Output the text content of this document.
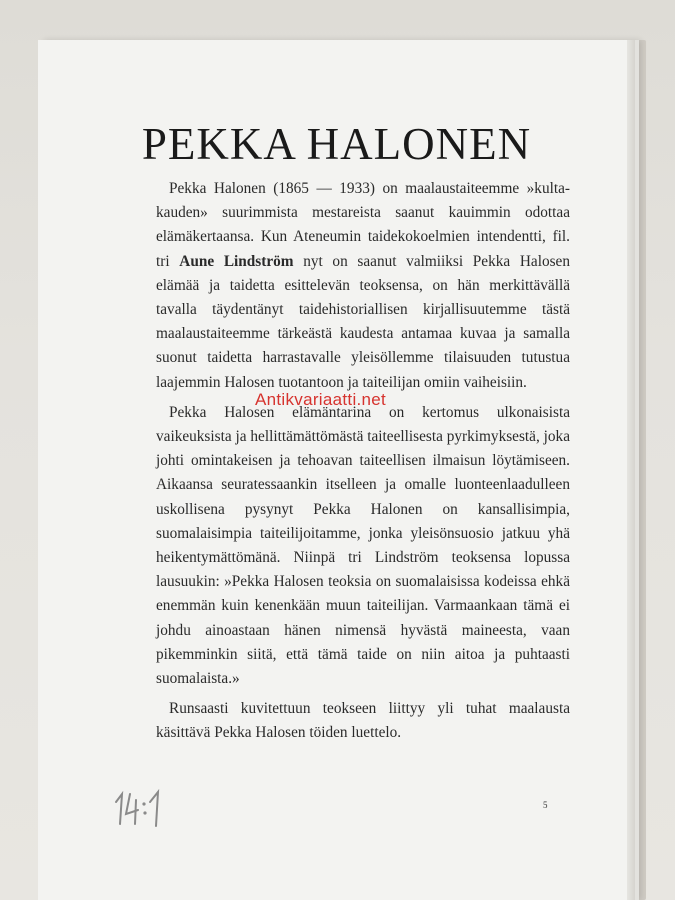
PEKKA HALONEN

Pekka Halonen (1865 — 1933) on maalaustaiteemme »kulta-kauden» suurimmista mestareista saanut kauimmin odottaa elämäkertaansa. Kun Ateneumin taidekokoelmien intendentti, fil. tri Aune Lindström nyt on saanut valmiiksi Pekka Halosen elämää ja taidetta esittelevän teoksensa, on hän merkittävällä tavalla täydentänyt taidehistoriallisen kirjallisuutemme tästä maalaustaiteemme tärkeästä kaudesta antamaa kuvaa ja samalla suonut taidetta harrastavalle yleisöllemme tilaisuuden tutustua laajemmin Halosen tuotantoon ja taiteilijan omiin vaiheisiin.

Pekka Halosen elämäntarina on kertomus ulkonaisista vaikeuksista ja hellittämättömästä taiteellisesta pyrkimyksestä, joka johti omintakeisen ja tehoavan taiteellisen ilmaisun löytämiseen. Aikaansa seuratessaankin itselleen ja omalle luonteenlaadulleen uskollisena pysynyt Pekka Halonen on kansallisimpia, suomalaisimpia taiteilijoitamme, jonka yleisönsuosio jatkuu yhä heikentymättömänä. Niinpä tri Lindström teoksensa lopussa lausuukin: »Pekka Halosen teoksia on suomalaisissa kodeissa ehkä enemmän kuin kenenkään muun taiteilijan. Varmaankaan tämä ei johdu ainoastaan hänen nimensä hyvästä maineesta, vaan pikemminkin siitä, että tämä taide on niin aitoa ja puhtaasti suomalaista.»

Runsaasti kuvitettuun teokseen liittyy yli tuhat maalausta käsittävä Pekka Halosen töiden luettelo.

5
Antikvariaatti.net
